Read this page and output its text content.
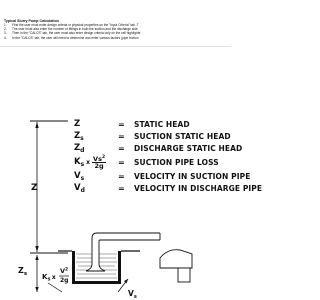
Typical Slurry Pump Calculation
1.	First the user must enter design criteria or physical properties on the "Input Criteria" tab. T
2.	The user must also enter the number of fittings in both the suction and the discharge side
3.	Then in the "CALCS" tab, the user must also enter design criteria only on the cell highlighte
4.	In the "CALCS" tab, the user will need to determine and enter various factors (pipe friction
Z
$Z_s$ $K_s$ x
$V^2$
2g
$V_s$
Z	=	STATIC HEAD
$Z_s$	=	SUCTION STATIC HEAD
$Z_d$	=	DISCHARGE STATIC HEAD
K s x $\frac{Vs^2}{2g}$ =	SUCTION PIPE LOSS
$V_s$	=	VELOCITY IN SUCTION PIPE
$V_d$	=	VELOCITY IN DISCHARGE PIPE
